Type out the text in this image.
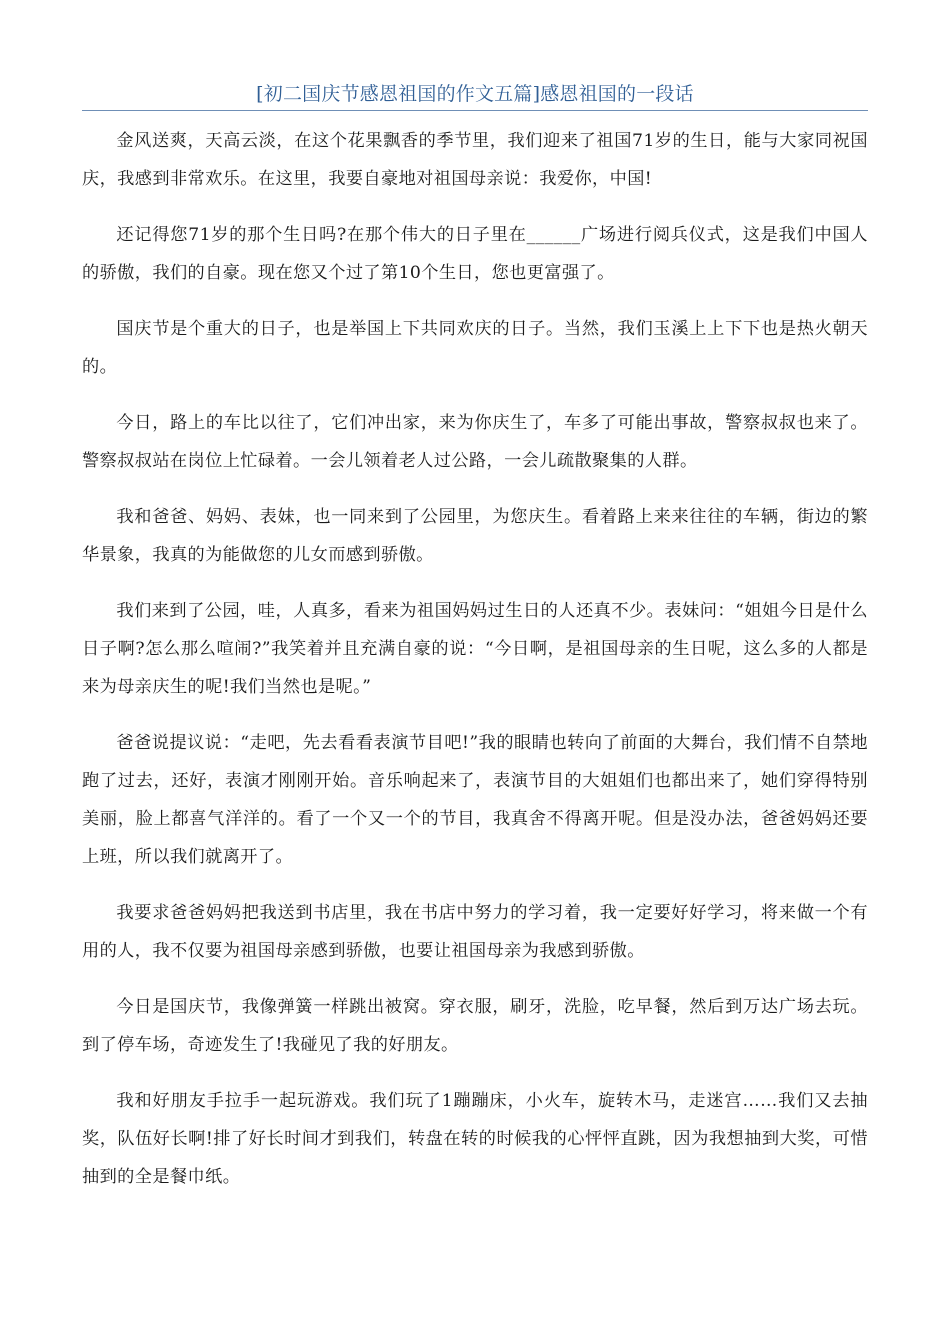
[初二国庆节感恩祖国的作文五篇]感恩祖国的一段话

金风送爽，天高云淡，在这个花果飘香的季节里，我们迎来了祖国71岁的生日，能与大家同祝国庆，我感到非常欢乐。在这里，我要自豪地对祖国母亲说：我爱你，中国!

还记得您71岁的那个生日吗?在那个伟大的日子里在______广场进行阅兵仪式，这是我们中国人的骄傲，我们的自豪。现在您又个过了第10个生日，您也更富强了。

国庆节是个重大的日子，也是举国上下共同欢庆的日子。当然，我们玉溪上上下下也是热火朝天的。

今日，路上的车比以往了，它们冲出家，来为你庆生了，车多了可能出事故，警察叔叔也来了。警察叔叔站在岗位上忙碌着。一会儿领着老人过公路，一会儿疏散聚集的人群。

我和爸爸、妈妈、表妹，也一同来到了公园里，为您庆生。看着路上来来往往的车辆，街边的繁华景象，我真的为能做您的儿女而感到骄傲。

我们来到了公园，哇，人真多，看来为祖国妈妈过生日的人还真不少。表妹问：“姐姐今日是什么日子啊?怎么那么喧闹?”我笑着并且充满自豪的说：“今日啊，是祖国母亲的生日呢，这么多的人都是来为母亲庆生的呢!我们当然也是呢。”

爸爸说提议说：“走吧，先去看看表演节目吧!”我的眼睛也转向了前面的大舞台，我们情不自禁地跑了过去，还好，表演才刚刚开始。音乐响起来了，表演节目的大姐姐们也都出来了，她们穿得特别美丽，脸上都喜气洋洋的。看了一个又一个的节目，我真舍不得离开呢。但是没办法，爸爸妈妈还要上班，所以我们就离开了。

我要求爸爸妈妈把我送到书店里，我在书店中努力的学习着，我一定要好好学习，将来做一个有用的人，我不仅要为祖国母亲感到骄傲，也要让祖国母亲为我感到骄傲。

今日是国庆节，我像弹簧一样跳出被窝。穿衣服，刷牙，洗脸，吃早餐，然后到万达广场去玩。到了停车场，奇迹发生了!我碰见了我的好朋友。

我和好朋友手拉手一起玩游戏。我们玩了1蹦蹦床，小火车，旋转木马，走迷宫……我们又去抽奖，队伍好长啊!排了好长时间才到我们，转盘在转的时候我的心怦怦直跳，因为我想抽到大奖，可惜抽到的全是餐巾纸。
